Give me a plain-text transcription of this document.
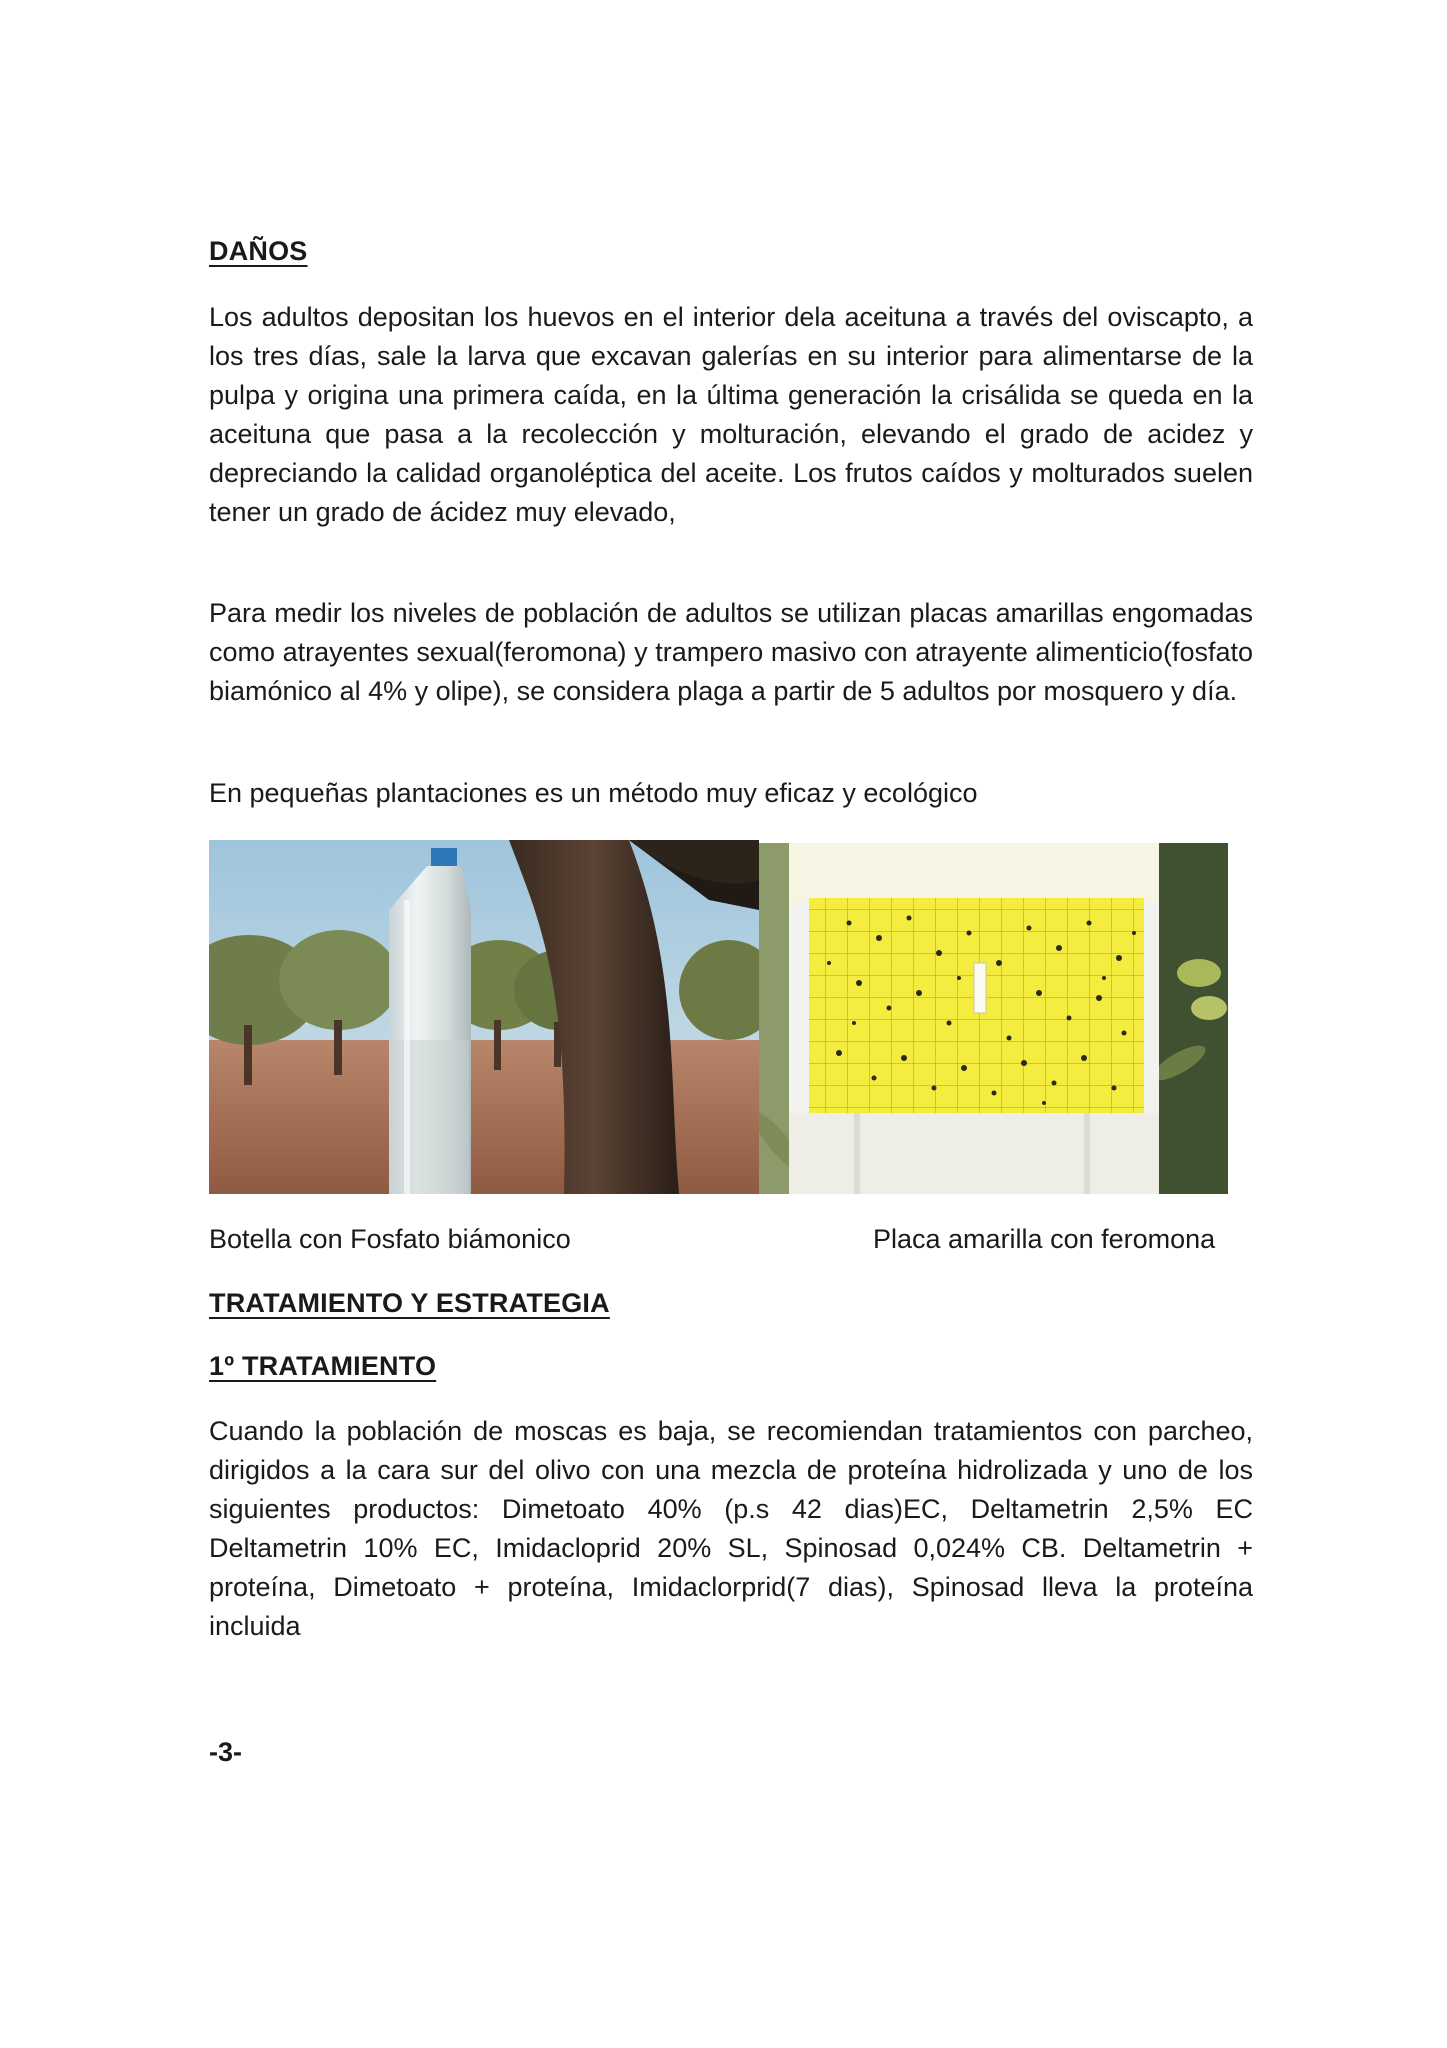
DAÑOS

Los adultos depositan los huevos en el interior dela aceituna a través del oviscapto, a los tres días, sale la larva que excavan galerías en su interior para alimentarse de la pulpa y origina una primera caída, en la última generación la crisálida se queda en la aceituna que pasa a la recolección y molturación, elevando el grado de acidez y depreciando la calidad organoléptica del aceite. Los frutos caídos y molturados suelen tener un grado de ácidez muy elevado,

Para medir los niveles de población de adultos se utilizan placas amarillas engomadas como atrayentes sexual(feromona) y trampero masivo con atrayente alimenticio(fosfato biamónico al 4% y olipe), se considera plaga a partir de 5 adultos por mosquero y día.

En pequeñas plantaciones es un método muy eficaz y ecológico

Botella con Fosfato biámonico	Placa amarilla con feromona
TRATAMIENTO Y ESTRATEGIA
1º TRATAMIENTO

Cuando la población de moscas es baja, se recomiendan tratamientos con parcheo, dirigidos a la cara sur del olivo con una mezcla de proteína hidrolizada y uno de los siguientes productos: Dimetoato 40% (p.s 42 dias)EC, Deltametrin 2,5% EC Deltametrin 10% EC, Imidacloprid 20% SL, Spinosad 0,024% CB. Deltametrin + proteína, Dimetoato + proteína, Imidaclorprid(7 dias), Spinosad lleva la proteína incluida

-3-
